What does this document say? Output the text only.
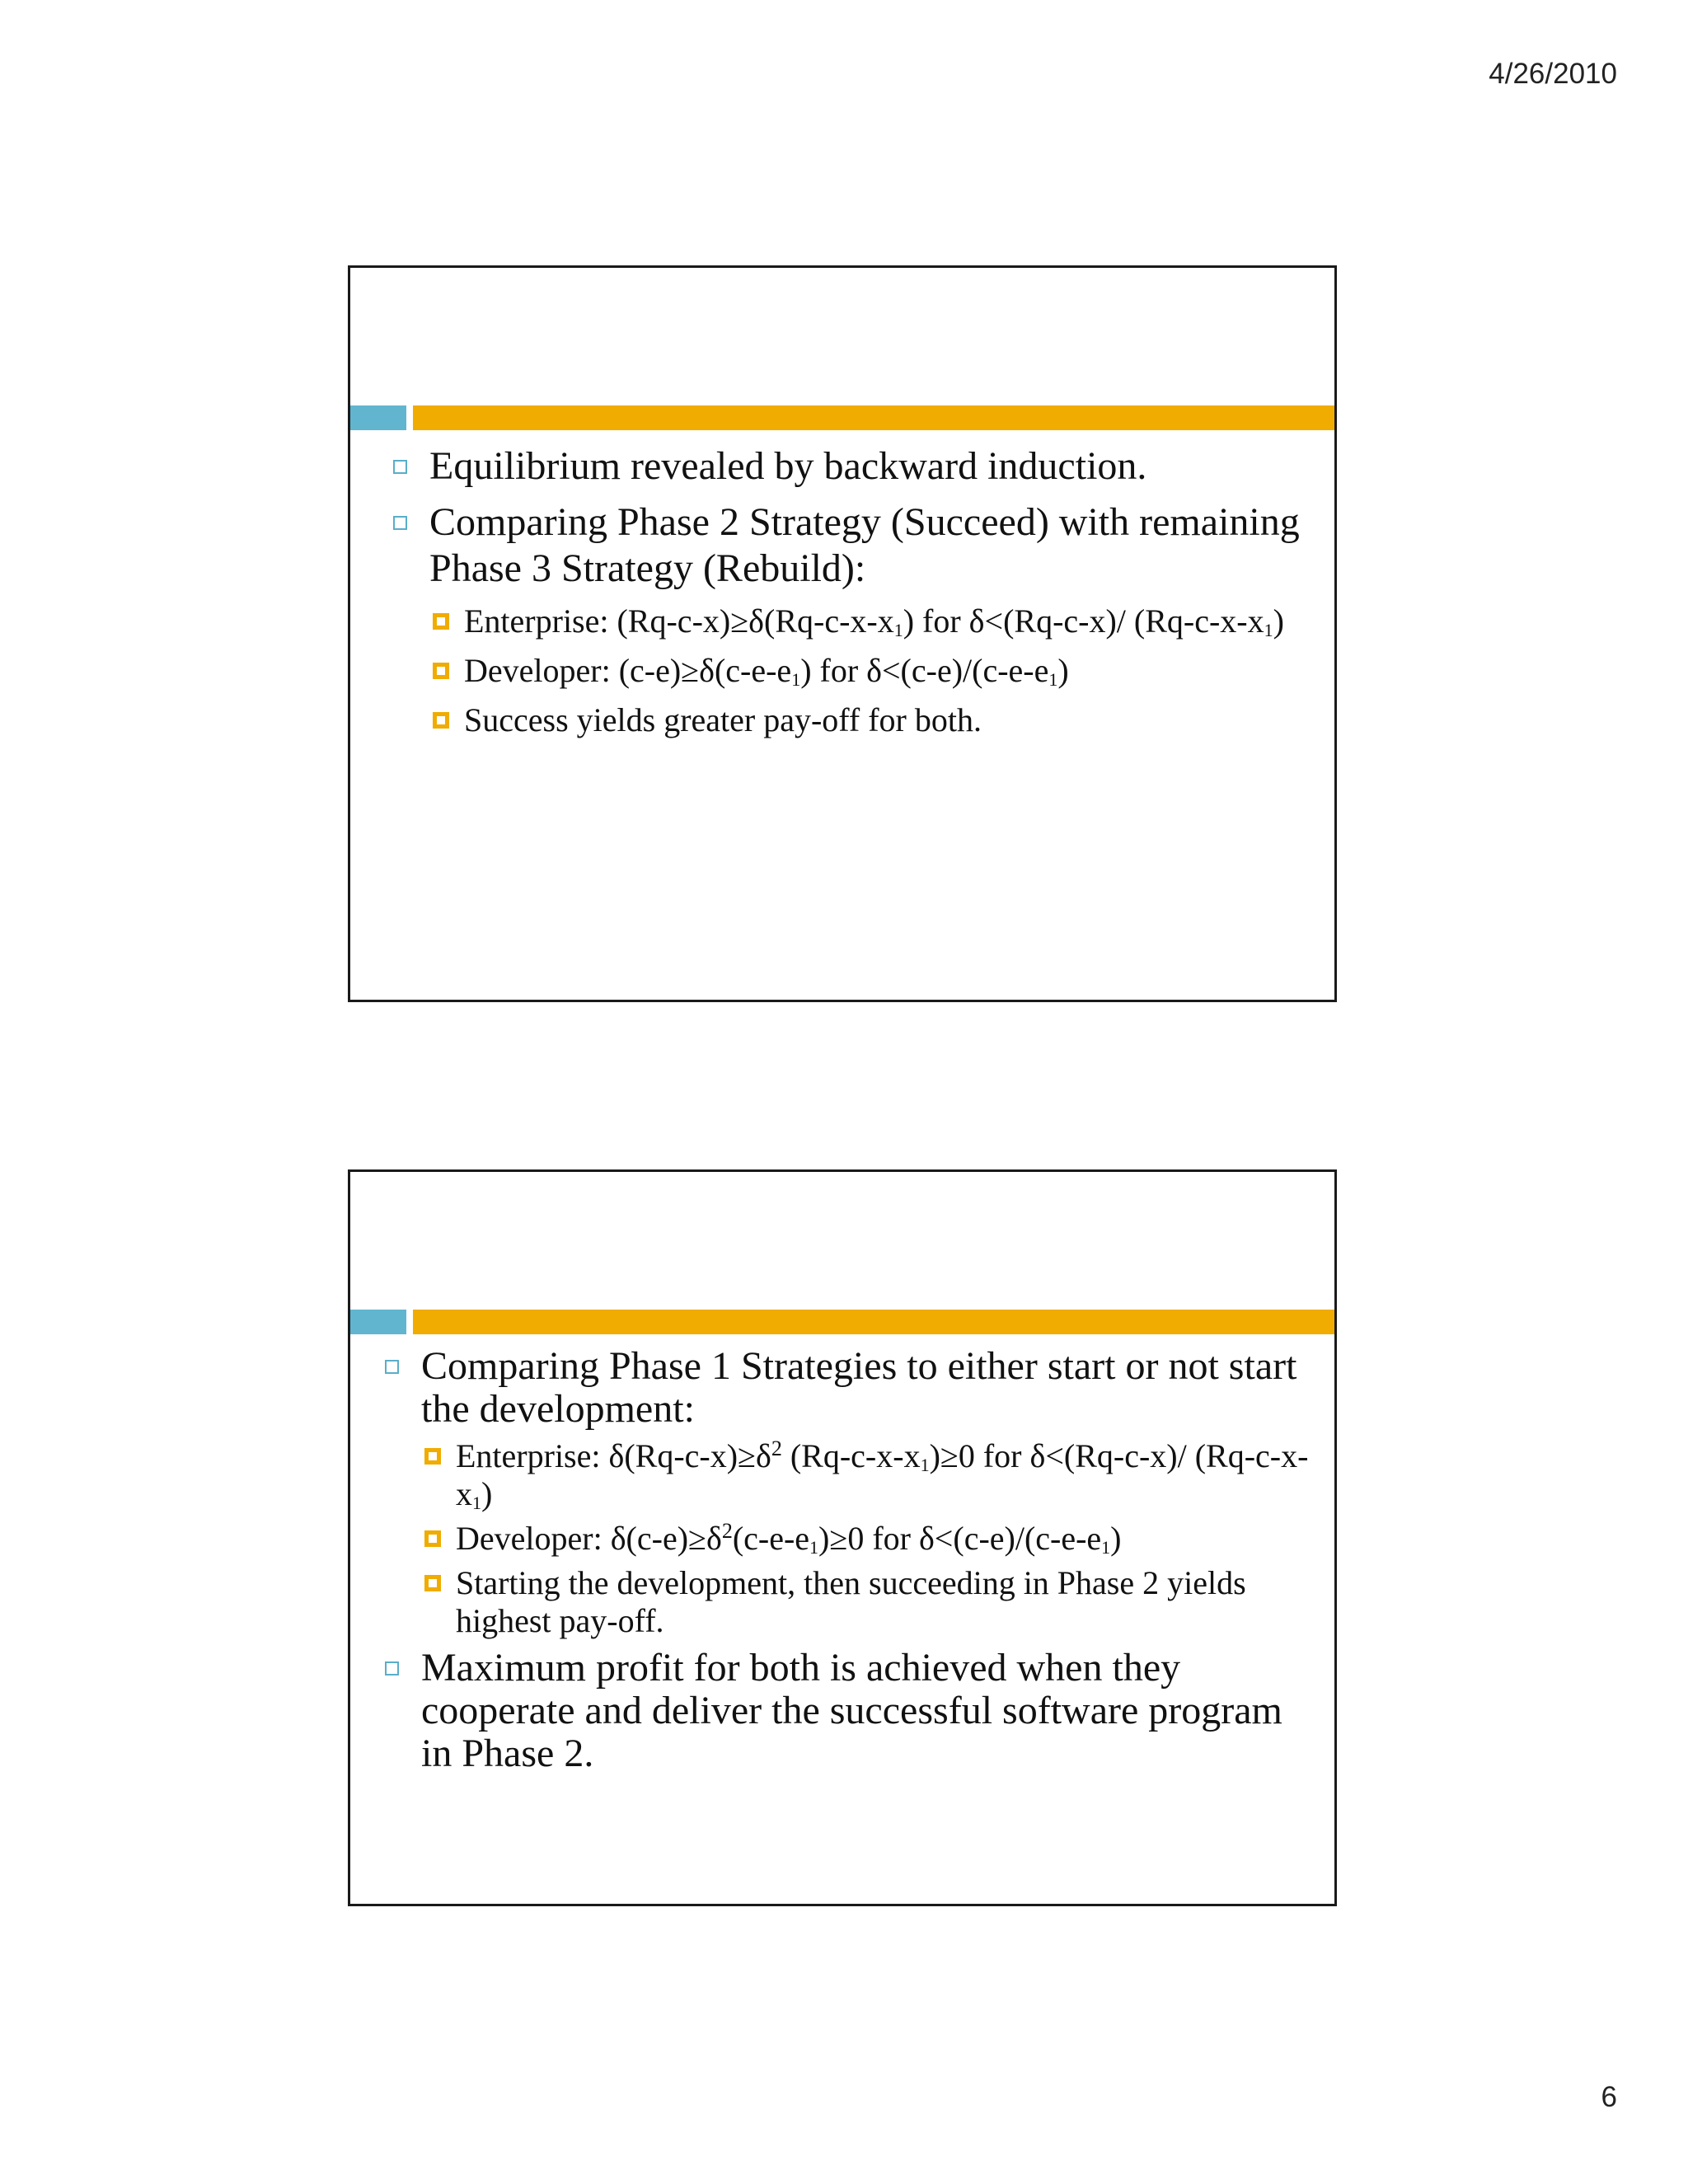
4/26/2010
Equilibrium revealed by backward induction.
Comparing Phase 2 Strategy (Succeed) with remaining Phase 3 Strategy (Rebuild):
Enterprise: $(Rq-c-x)\ge\delta(Rq-c-x-x_1)$ for δ<(Rq-c-x)/ $(Rq-c-x-x_1)$
Developer: $(c-e)\ge\delta(c-e-e_1)$ for $\delta<(c-e)/(c-e-e_1)$
Success yields greater pay-off for both.
Comparing Phase 1 Strategies to either start or not start the development:
Enterprise: $\delta(Rq-c-x)\ge\delta^2$ $(Rq-c-x-x_1)\ge 0$ for δ<(Rq-c-x)/ $(Rq-c-x-x_1)$
Developer: $\delta(c-e)\ge\delta^2(c-e-e_1)\ge 0$ for $\delta<(c-e)/(c-e-e_1)$
Starting the development, then succeeding in Phase 2 yields highest pay-off.
Maximum profit for both is achieved when they cooperate and deliver the successful software program in Phase 2.
6
